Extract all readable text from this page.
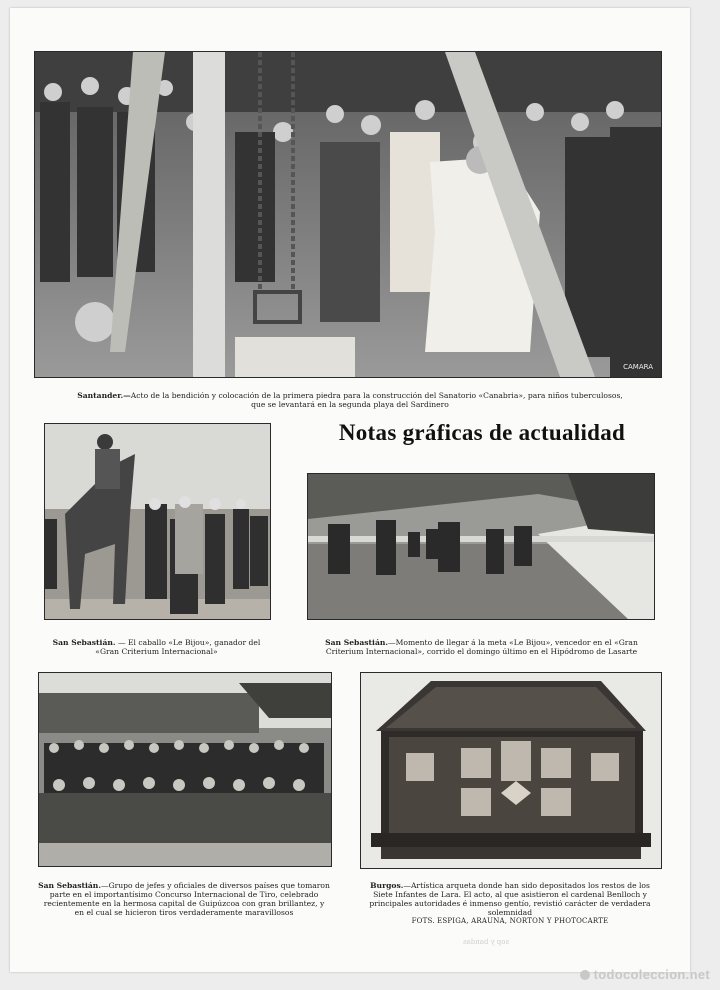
CAMARA
Santander.—Acto de la bendición y colocación de la primera piedra para la construcción del Sanatorio «Canabria», para niños tuberculosos, que se levantará en la segunda playa del Sardinero
San Sebastián. — El caballo «Le Bijou», ganador del «Gran Criterium Internacional»
Notas gráficas de actualidad
San Sebastián.—Momento de llegar á la meta «Le Bijou», vencedor en el «Gran Criterium Internacional», corrido el domingo último en el Hipódromo de Lasarte
San Sebastián.—Grupo de jefes y oficiales de diversos países que tomaron parte en el importantísimo Concurso Internacional de Tiro, celebrado recientemente en la hermosa capital de Guipúzcoa con gran brillantez, y en el cual se hicieron tiros verdaderamente maravillosos
Burgos.—Artística arqueta donde han sido depositados los restos de los Siete Infantes de Lara. El acto, al que asistieron el cardenal Benlloch y principales autoridades é inmenso gentío, revistió carácter de verdadera solemnidad
FOTS. ESPIGA, ARAUNA, NORTON Y PHOTOCARTE
sop y bandas
todocoleccion.net
